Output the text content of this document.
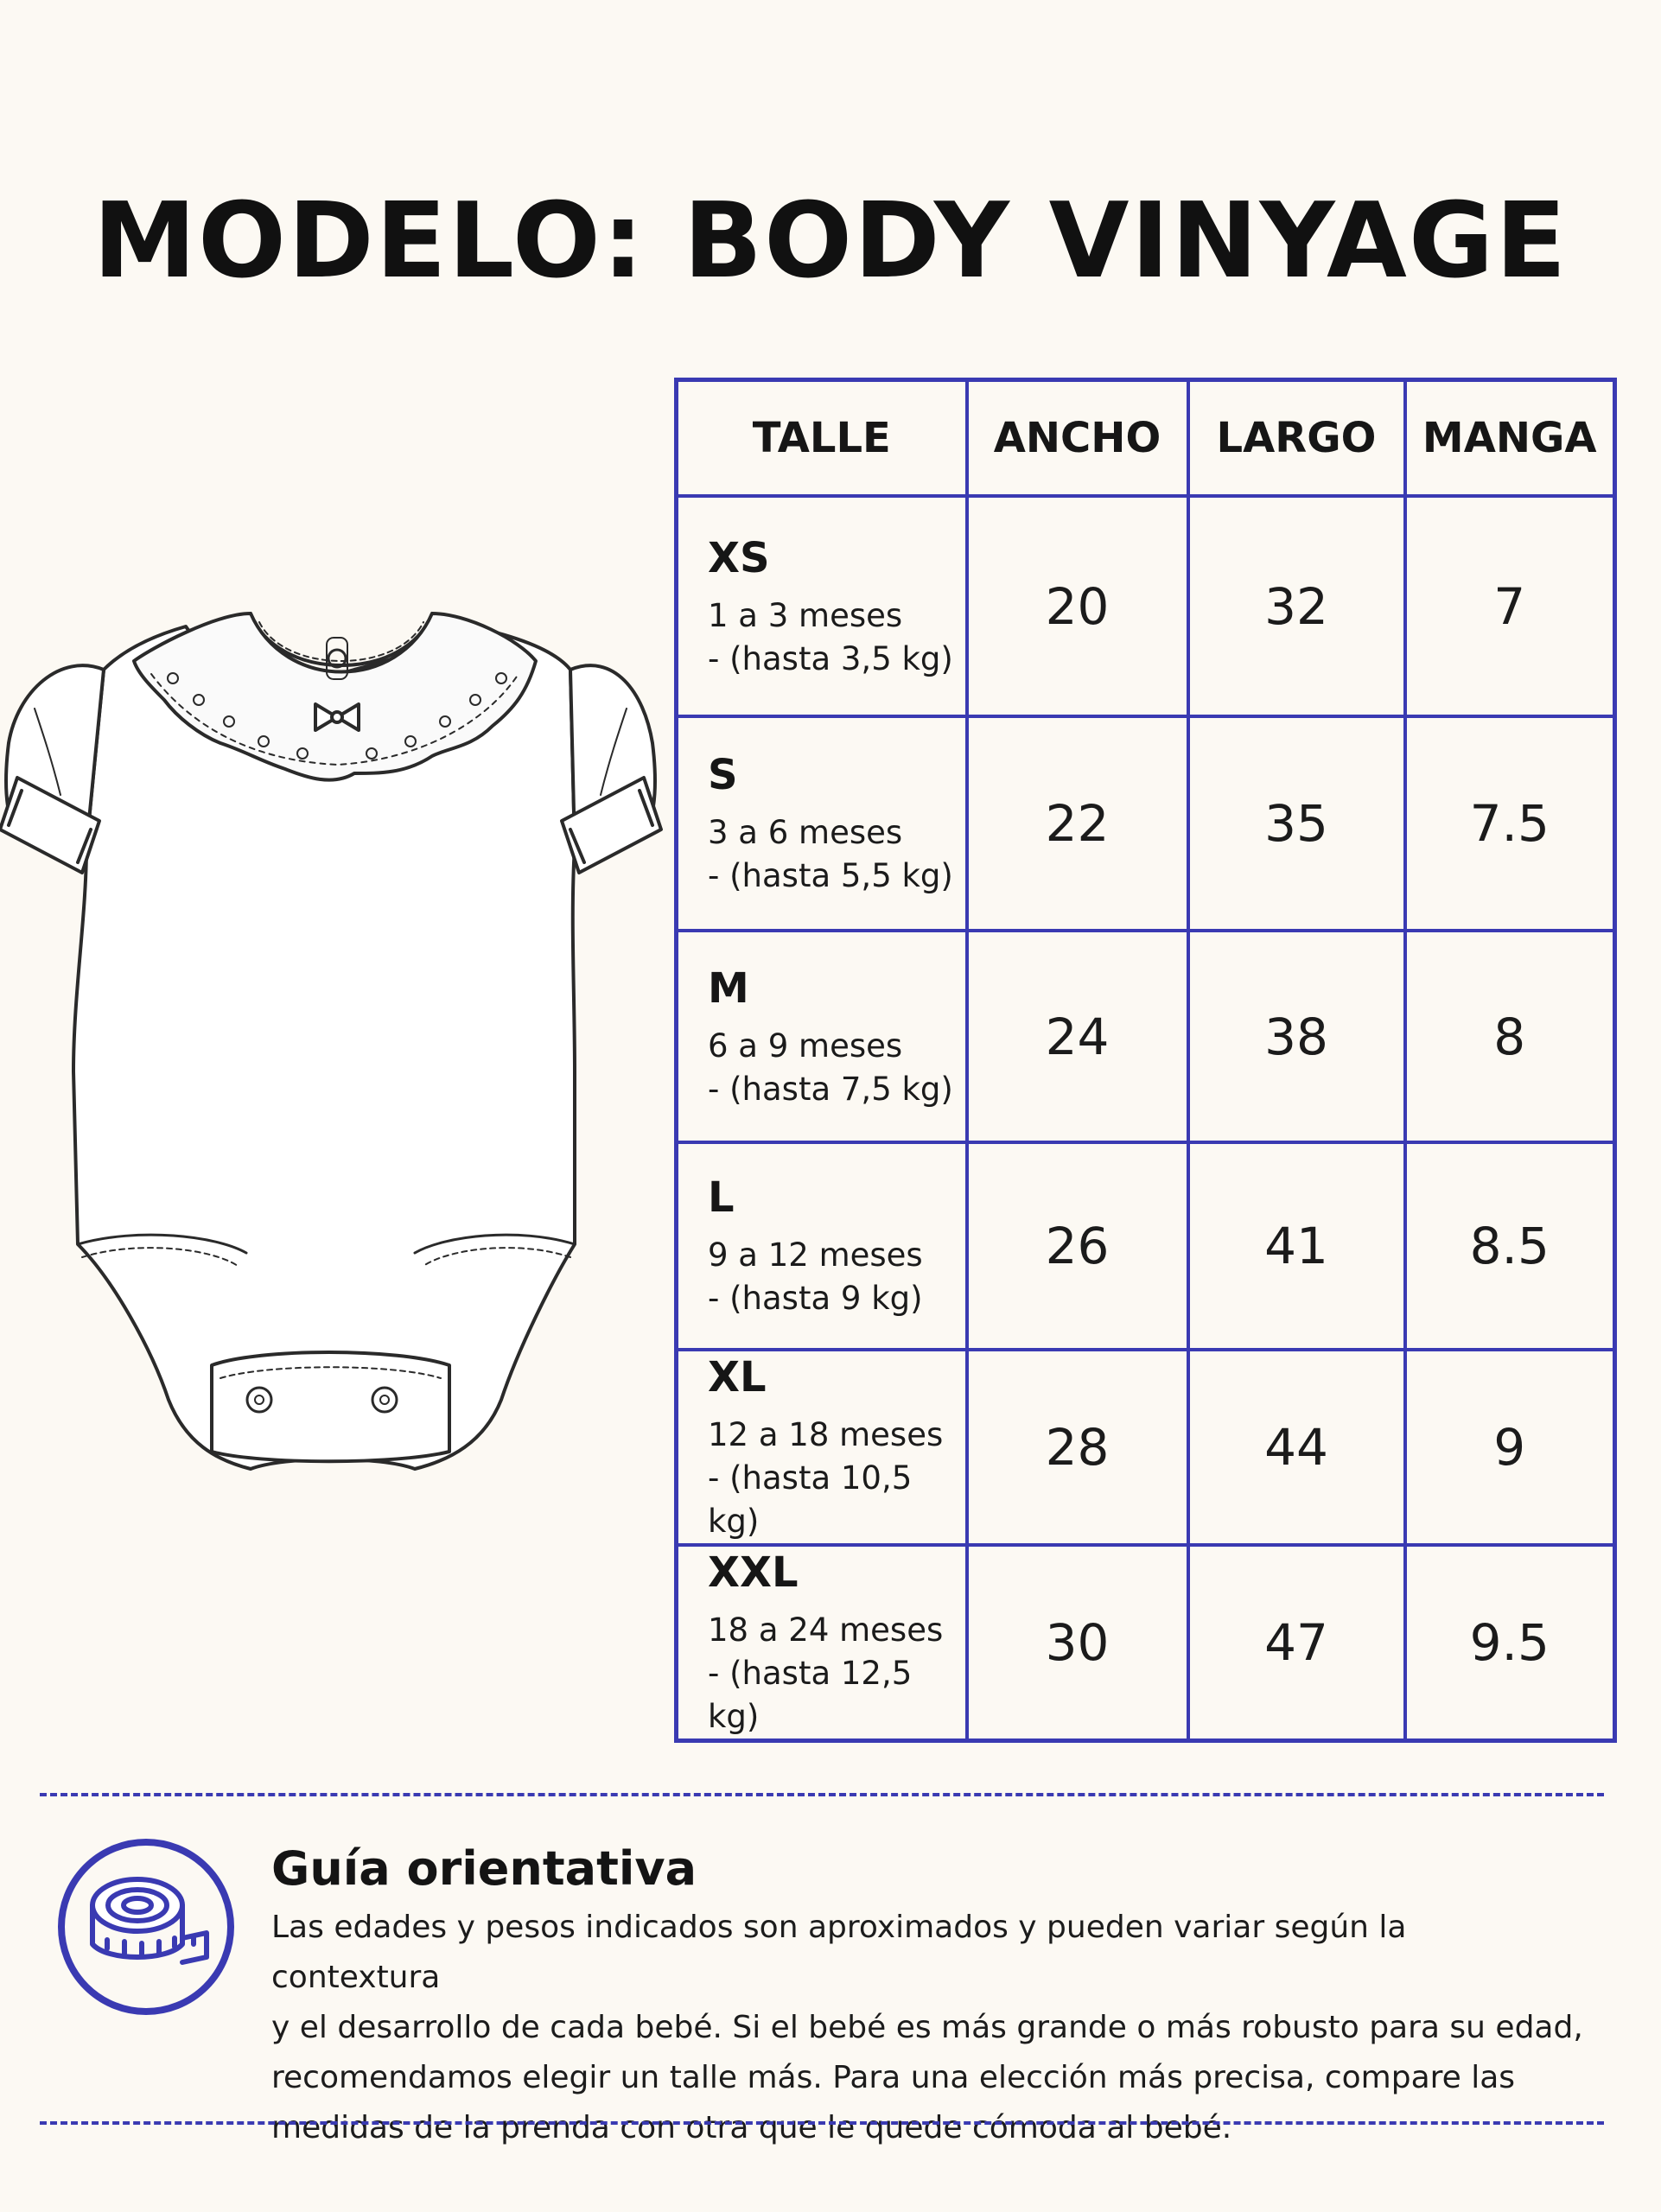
MODELO: BODY VINYAGE
TALLE	ANCHO	LARGO	MANGA

XS
1 a 3 meses
- (hasta 3,5 kg)	20	32	7

S
3 a 6 meses
- (hasta 5,5 kg)	22	35	7.5

M
6 a 9 meses
- (hasta 7,5 kg)	24	38	8

L
9 a 12 meses
- (hasta 9 kg)	26	41	8.5

XL
12 a 18 meses
- (hasta 10,5 kg)	28	44	9

XXL
18 a 24 meses
- (hasta 12,5 kg)	30	47	9.5
Guía orientativa
Las edades y pesos indicados son aproximados y pueden variar según la contextura
y el desarrollo de cada bebé. Si el bebé es más grande o más robusto para su edad,
recomendamos elegir un talle más. Para una elección más precisa, compare las
medidas de la prenda con otra que le quede cómoda al bebé.
